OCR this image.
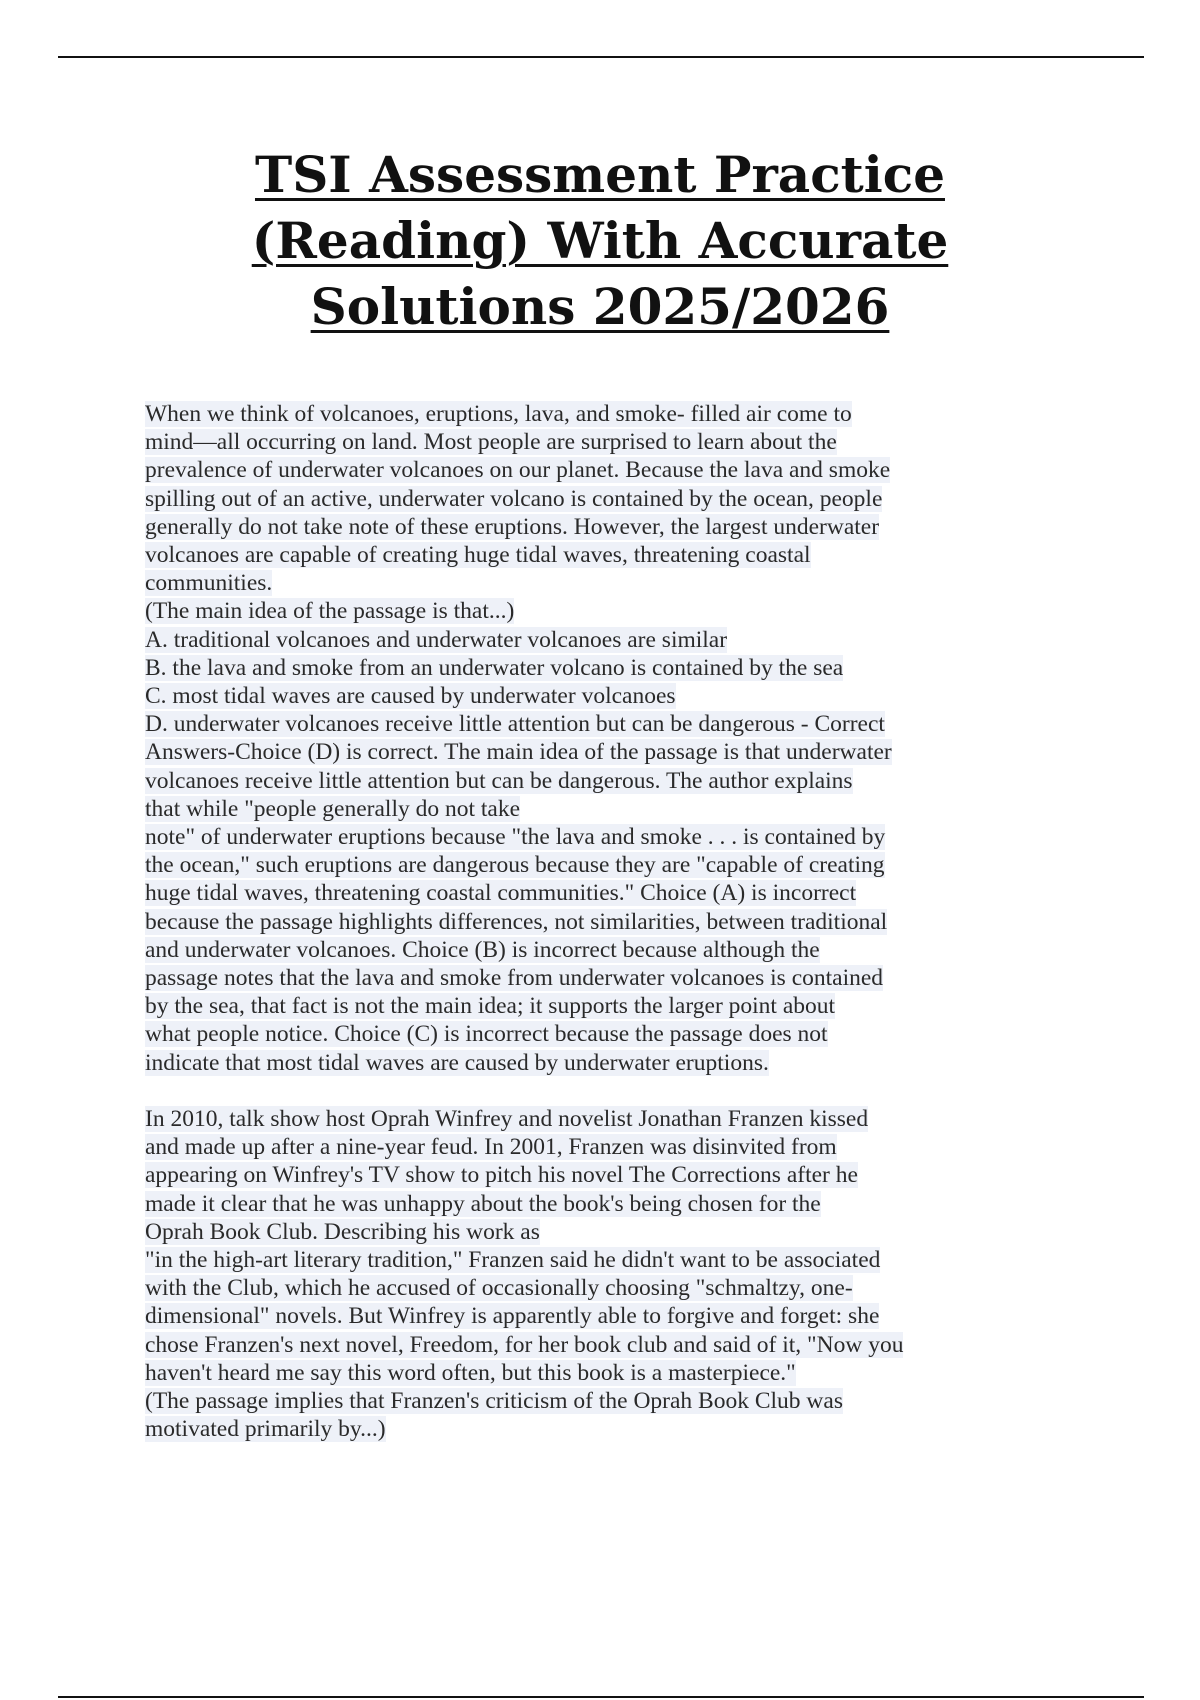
TSI Assessment Practice
(Reading) With Accurate
Solutions 2025/2026
When we think of volcanoes, eruptions, lava, and smoke- filled air come to
mind—all occurring on land. Most people are surprised to learn about the
prevalence of underwater volcanoes on our planet. Because the lava and smoke
spilling out of an active, underwater volcano is contained by the ocean, people
generally do not take note of these eruptions. However, the largest underwater
volcanoes are capable of creating huge tidal waves, threatening coastal
communities.
(The main idea of the passage is that...)
A. traditional volcanoes and underwater volcanoes are similar
B. the lava and smoke from an underwater volcano is contained by the sea
C. most tidal waves are caused by underwater volcanoes
D. underwater volcanoes receive little attention but can be dangerous - Correct
Answers-Choice (D) is correct. The main idea of the passage is that underwater
volcanoes receive little attention but can be dangerous. The author explains
that while "people generally do not take
note" of underwater eruptions because "the lava and smoke . . . is contained by
the ocean," such eruptions are dangerous because they are "capable of creating
huge tidal waves, threatening coastal communities." Choice (A) is incorrect
because the passage highlights differences, not similarities, between traditional
and underwater volcanoes. Choice (B) is incorrect because although the
passage notes that the lava and smoke from underwater volcanoes is contained
by the sea, that fact is not the main idea; it supports the larger point about
what people notice. Choice (C) is incorrect because the passage does not
indicate that most tidal waves are caused by underwater eruptions.
In 2010, talk show host Oprah Winfrey and novelist Jonathan Franzen kissed
and made up after a nine-year feud. In 2001, Franzen was disinvited from
appearing on Winfrey's TV show to pitch his novel The Corrections after he
made it clear that he was unhappy about the book's being chosen for the
Oprah Book Club. Describing his work as
"in the high-art literary tradition," Franzen said he didn't want to be associated
with the Club, which he accused of occasionally choosing "schmaltzy, one-
dimensional" novels. But Winfrey is apparently able to forgive and forget: she
chose Franzen's next novel, Freedom, for her book club and said of it, "Now you
haven't heard me say this word often, but this book is a masterpiece."
(The passage implies that Franzen's criticism of the Oprah Book Club was
motivated primarily by...)
